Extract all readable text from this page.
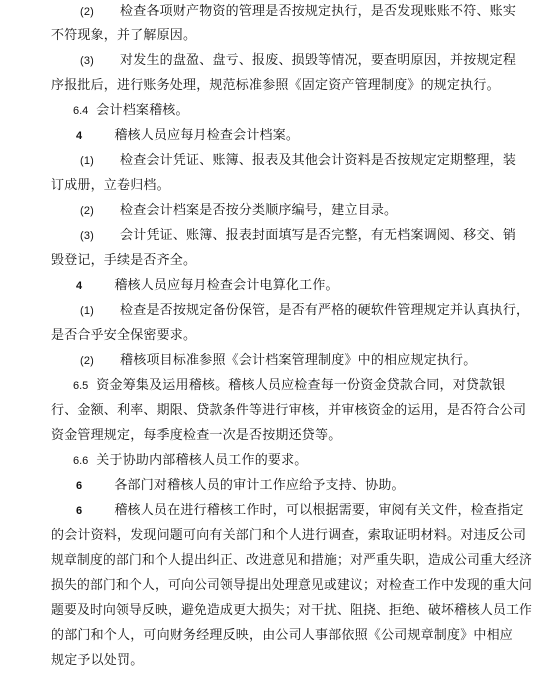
(2) 检查各项财产物资的管理是否按规定执行，是否发现账账不符、账实
不符现象，并了解原因。
(3) 对发生的盘盈、盘亏、报废、损毁等情况，要查明原因，并按规定程
序报批后，进行账务处理，规范标准参照《固定资产管理制度》的规定执行。
6.4 会计档案稽核。
4 稽核人员应每月检查会计档案。
(1) 检查会计凭证、账簿、报表及其他会计资料是否按规定定期整理，装
订成册，立卷归档。
(2) 检查会计档案是否按分类顺序编号，建立目录。
(3) 会计凭证、账簿、报表封面填写是否完整，有无档案调阅、移交、销
毁登记，手续是否齐全。
4 稽核人员应每月检查会计电算化工作。
(1) 检查是否按规定备份保管，是否有严格的硬软件管理规定并认真执行，
是否合乎安全保密要求。
(2) 稽核项目标准参照《会计档案管理制度》中的相应规定执行。
6.5 资金筹集及运用稽核。稽核人员应检查每一份资金贷款合同，对贷款银
行、金额、利率、期限、贷款条件等进行审核，并审核资金的运用，是否符合公司
资金管理规定，每季度检查一次是否按期还贷等。
6.6 关于协助内部稽核人员工作的要求。
6 各部门对稽核人员的审计工作应给予支持、协助。
6 稽核人员在进行稽核工作时，可以根据需要，审阅有关文件，检查指定
的会计资料，发现问题可向有关部门和个人进行调查，索取证明材料。对违反公司
规章制度的部门和个人提出纠正、改进意见和措施；对严重失职，造成公司重大经济
损失的部门和个人，可向公司领导提出处理意见或建议；对检查工作中发现的重大问
题要及时向领导反映，避免造成更大损失；对干扰、阻挠、拒绝、破坏稽核人员工作
的部门和个人，可向财务经理反映，由公司人事部依照《公司规章制度》中相应
规定予以处罚。
